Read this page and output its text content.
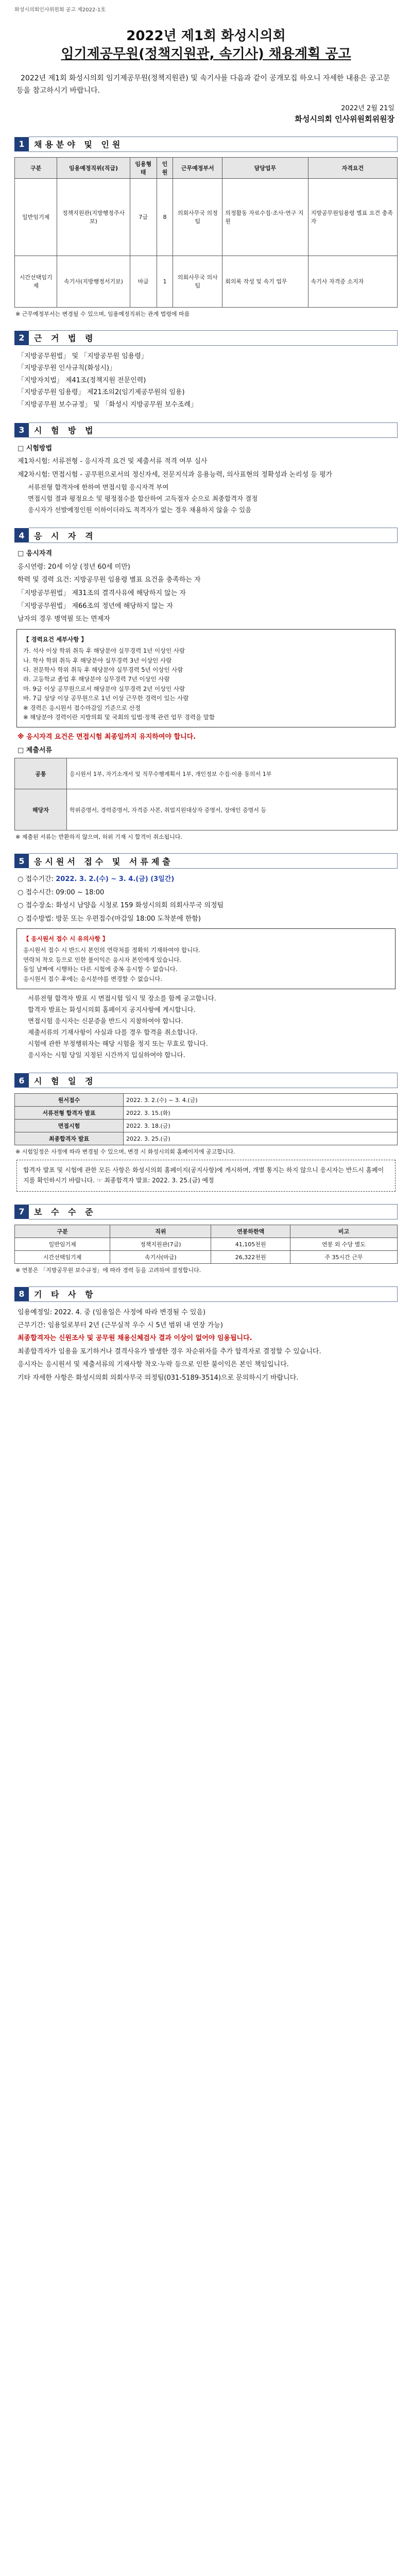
화성시의회인사위원회 공고 제2022-1호
2022년 제1회 화성시의회
임기제공무원(정책지원관, 속기사) 채용계획 공고
2022년 제1회 화성시의회 임기제공무원(정책지원관) 및 속기사를 다음과 같이 공개모집 하오니 자세한 내용은 공고문 등을 참고하시기 바랍니다.
2022년 2월 21일
화성시의회 인사위원회위원장
1	채용분야 및 인원
구분	임용예정직위(직급)	임용형태	인원	근무예정부서	담당업무	자격요건
일반임기제	정책지원관(지방행정주사보)	7급	8	의회사무국 의정팀	의정활동 자료수집·조사·연구 지원	지방공무원임용령 별표 요건 충족자
시간선택임기제	속기사(지방행정서기보)	마급	1	의회사무국 의사팀	회의록 작성 및 속기 업무	속기사 자격증 소지자
※ 근무예정부서는 변경될 수 있으며, 임용예정직위는 관계 법령에 따름
2	근 거 법 령
「지방공무원법」 및 「지방공무원 임용령」
「지방공무원 인사규칙(화성시)」
「지방자치법」 제41조(정책지원 전문인력)
「지방공무원 임용령」 제21조의2(임기제공무원의 임용)
「지방공무원 보수규정」 및 「화성시 지방공무원 보수조례」
3	시 험 방 법
□ 시험방법
제1차시험: 서류전형 - 응시자격 요건 및 제출서류 적격 여부 심사
제2차시험: 면접시험 - 공무원으로서의 정신자세, 전문지식과 응용능력, 의사표현의 정확성과 논리성 등 평가
서류전형 합격자에 한하여 면접시험 응시자격 부여
면접시험 결과 평정요소 및 평정점수를 합산하여 고득점자 순으로 최종합격자 결정
응시자가 선발예정인원 이하이더라도 적격자가 없는 경우 채용하지 않을 수 있음
4	응 시 자 격
□ 응시자격
응시연령: 20세 이상 (정년 60세 미만)
학력 및 경력 요건: 지방공무원 임용령 별표 요건을 충족하는 자
「지방공무원법」 제31조의 결격사유에 해당하지 않는 자
「지방공무원법」 제66조의 정년에 해당하지 않는 자
남자의 경우 병역필 또는 면제자
【 경력요건 세부사항 】
가. 석사 이상 학위 취득 후 해당분야 실무경력 1년 이상인 사람
나. 학사 학위 취득 후 해당분야 실무경력 3년 이상인 사람
다. 전문학사 학위 취득 후 해당분야 실무경력 5년 이상인 사람
라. 고등학교 졸업 후 해당분야 실무경력 7년 이상인 사람
마. 9급 이상 공무원으로서 해당분야 실무경력 2년 이상인 사람
바. 7급 상당 이상 공무원으로 1년 이상 근무한 경력이 있는 사람
※ 경력은 응시원서 접수마감일 기준으로 산정
※ 해당분야 경력이란 지방의회 및 국회의 입법·정책 관련 업무 경력을 말함
※ 응시자격 요건은 면접시험 최종일까지 유지하여야 합니다.
□ 제출서류
공통	응시원서 1부, 자기소개서 및 직무수행계획서 1부, 개인정보 수집·이용 동의서 1부
해당자	학위증명서, 경력증명서, 자격증 사본, 취업지원대상자 증명서, 장애인 증명서 등
※ 제출된 서류는 반환하지 않으며, 허위 기재 시 합격이 취소됩니다.
5	응시원서 접수 및 서류제출
○ 접수기간: 2022. 3. 2.(수) ~ 3. 4.(금) (3일간)
○ 접수시간: 09:00 ~ 18:00
○ 접수장소: 화성시 남양읍 시청로 159 화성시의회 의회사무국 의정팀
○ 접수방법: 방문 또는 우편접수(마감일 18:00 도착분에 한함)
【 응시원서 접수 시 유의사항 】
응시원서 접수 시 반드시 본인의 연락처를 정확히 기재하여야 합니다.
연락처 착오 등으로 인한 불이익은 응시자 본인에게 있습니다.
동일 날짜에 시행하는 다른 시험에 중복 응시할 수 없습니다.
응시원서 접수 후에는 응시분야를 변경할 수 없습니다.
서류전형 합격자 발표 시 면접시험 일시 및 장소를 함께 공고합니다.
합격자 발표는 화성시의회 홈페이지 공지사항에 게시합니다.
면접시험 응시자는 신분증을 반드시 지참하여야 합니다.
제출서류의 기재사항이 사실과 다를 경우 합격을 취소합니다.
시험에 관한 부정행위자는 해당 시험을 정지 또는 무효로 합니다.
응시자는 시험 당일 지정된 시간까지 입실하여야 합니다.
6	시 험 일 정
원서접수	2022. 3. 2.(수) ~ 3. 4.(금)
서류전형 합격자 발표	2022. 3. 15.(화)
면접시험	2022. 3. 18.(금)
최종합격자 발표	2022. 3. 25.(금)
※ 시험일정은 사정에 따라 변경될 수 있으며, 변경 시 화성시의회 홈페이지에 공고합니다.
합격자 발표 및 시험에 관한 모든 사항은 화성시의회 홈페이지(공지사항)에 게시하며, 개별 통지는 하지 않으니 응시자는 반드시 홈페이지를 확인하시기 바랍니다. ☞ 최종합격자 발표: 2022. 3. 25.(금) 예정
7	보 수 수 준
구분	직위	연봉하한액	비고
일반임기제	정책지원관(7급)	41,105천원	연봉 외 수당 별도
시간선택임기제	속기사(마급)	26,322천원	주 35시간 근무
※ 연봉은 「지방공무원 보수규정」에 따라 경력 등을 고려하여 결정합니다.
8	기 타 사 항
임용예정일: 2022. 4. 중 (임용일은 사정에 따라 변경될 수 있음)
근무기간: 임용일로부터 2년 (근무실적 우수 시 5년 범위 내 연장 가능)
최종합격자는 신원조사 및 공무원 채용신체검사 결과 이상이 없어야 임용됩니다.
최종합격자가 임용을 포기하거나 결격사유가 발생한 경우 차순위자를 추가 합격자로 결정할 수 있습니다.
응시자는 응시원서 및 제출서류의 기재사항 착오·누락 등으로 인한 불이익은 본인 책임입니다.
기타 자세한 사항은 화성시의회 의회사무국 의정팀(031-5189-3514)으로 문의하시기 바랍니다.
